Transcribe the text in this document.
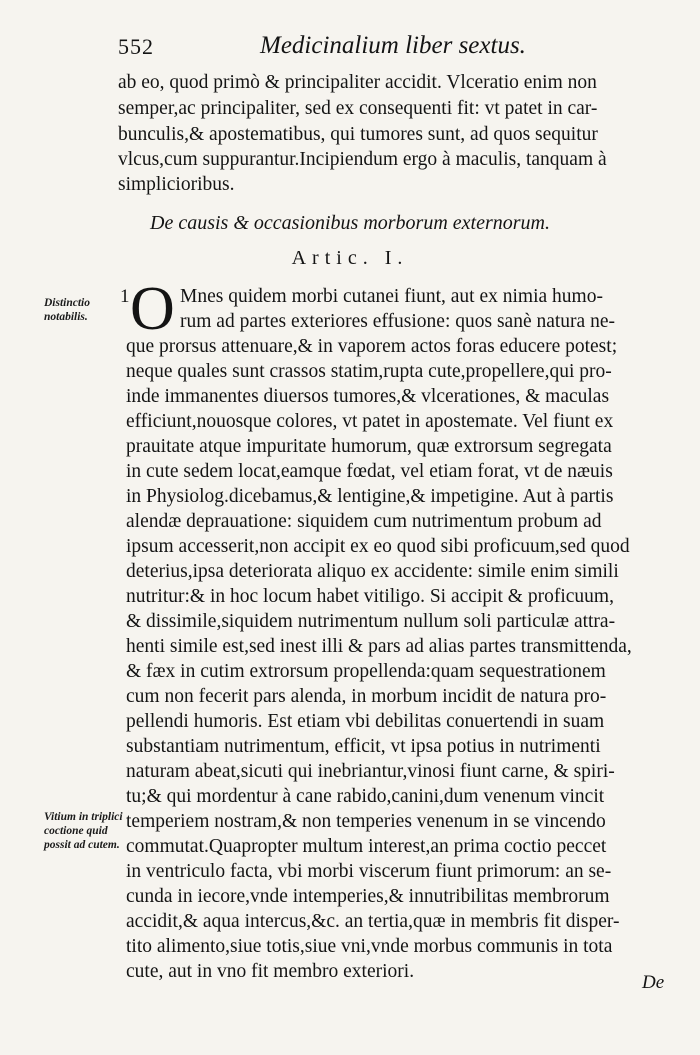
552	Medicinalium liber sextus.
ab eo, quod primò & principaliter accidit. Vlceratio enim non
semper,ac principaliter, sed ex consequenti fit: vt patet in car-
bunculis,& apostematibus, qui tumores sunt, ad quos sequitur
vlcus,cum suppurantur.Incipiendum ergo à maculis, tanquam à
simplicioribus.
De causis & occasionibus morborum externorum.
Artic. I.
Distinctio notabilis.
Vitium in triplici coctione quid possit ad cutem.
1 O Mnes quidem morbi cutanei fiunt, aut ex nimia humo-
rum ad partes exteriores effusione: quos sanè natura ne-
que prorsus attenuare,& in vaporem actos foras educere potest;
neque quales sunt crassos statim,rupta cute,propellere,qui pro-
inde immanentes diuersos tumores,& vlcerationes, & maculas
efficiunt,nouosque colores, vt patet in apostemate. Vel fiunt ex
prauitate atque impuritate humorum, quæ extrorsum segregata
in cute sedem locat,eamque fœdat, vel etiam forat, vt de næuis
in Physiolog.dicebamus,& lentigine,& impetigine. Aut à partis
alendæ deprauatione: siquidem cum nutrimentum probum ad
ipsum accesserit,non accipit ex eo quod sibi proficuum,sed quod
deterius,ipsa deteriorata aliquo ex accidente: simile enim simili
nutritur:& in hoc locum habet vitiligo. Si accipit & proficuum,
& dissimile,siquidem nutrimentum nullum soli particulæ attra-
henti simile est,sed inest illi & pars ad alias partes transmittenda,
& fæx in cutim extrorsum propellenda:quam sequestrationem
cum non fecerit pars alenda, in morbum incidit de natura pro-
pellendi humoris. Est etiam vbi debilitas conuertendi in suam
substantiam nutrimentum, efficit, vt ipsa potius in nutrimenti
naturam abeat,sicuti qui inebriantur,vinosi fiunt carne, & spiri-
tu;& qui mordentur à cane rabido,canini,dum venenum vincit
temperiem nostram,& non temperies venenum in se vincendo
commutat.Quapropter multum interest,an prima coctio peccet
in ventriculo facta, vbi morbi viscerum fiunt primorum: an se-
cunda in iecore,vnde intemperies,& innutribilitas membrorum
accidit,& aqua intercus,&c. an tertia,quæ in membris fit disper-
tito alimento,siue totis,siue vni,vnde morbus communis in tota
cute, aut in vno fit membro exteriori.
De
